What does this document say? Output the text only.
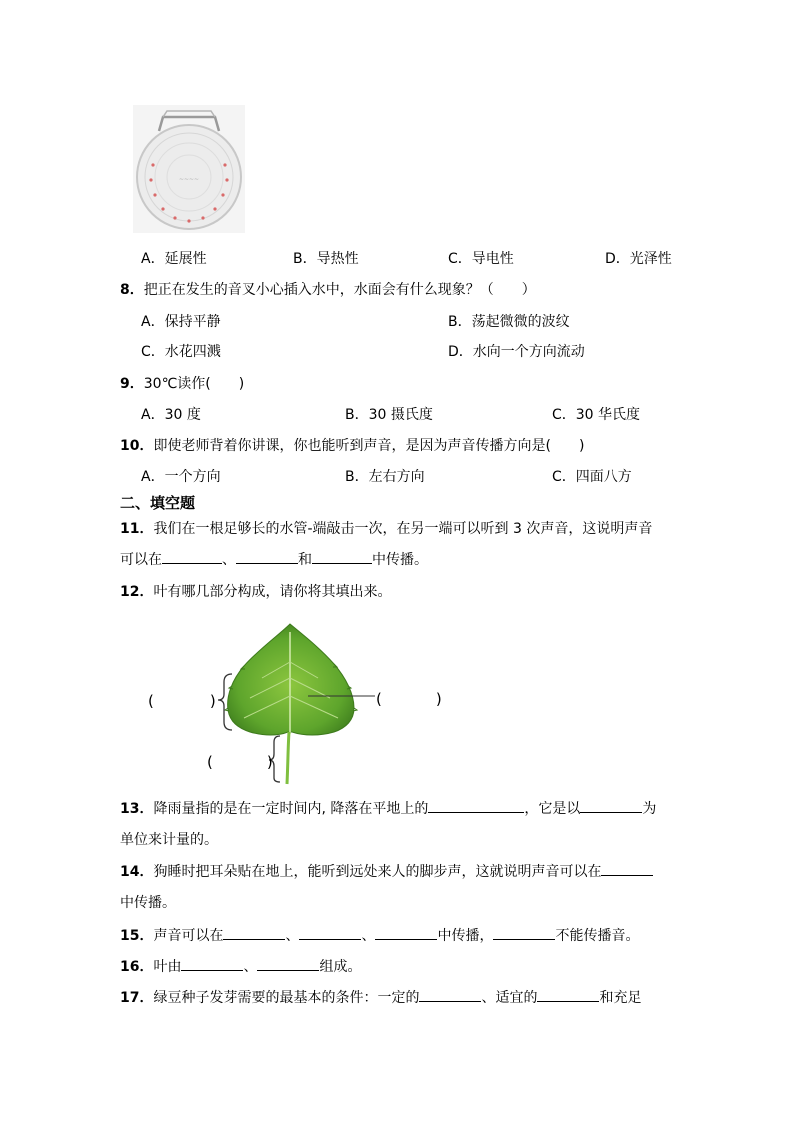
~~~~
A．延展性	B．导热性	C．导电性	D．光泽性
8．把正在发生的音叉小心插入水中，水面会有什么现象？（　　）
A．保持平静	B．荡起微微的波纹
C．水花四溅	D．水向一个方向流动
9．30℃读作(　　)
A．30 度	B．30 摄氏度	C．30 华氏度
10．即使老师背着你讲课，你也能听到声音，是因为声音传播方向是(　　)
A．一个方向	B．左右方向	C．四面八方
二、填空题
11．我们在一根足够长的水管-端敲击一次，在另一端可以听到 3 次声音，这说明声音
可以在	、	和	中传播。
12．叶有哪几部分构成，请你将其填出来。
(	)	(	)
(	)
13．降雨量指的是在一定时间内, 降落在平地上的	，它是以	为
单位来计量的。
14．狗睡时把耳朵贴在地上，能听到远处来人的脚步声，这就说明声音可以在
中传播。
15．声音可以在	、	、	中传播，	不能传播音。
16．叶由	、	组成。
17．绿豆种子发芽需要的最基本的条件：一定的	、适宜的	和充足
